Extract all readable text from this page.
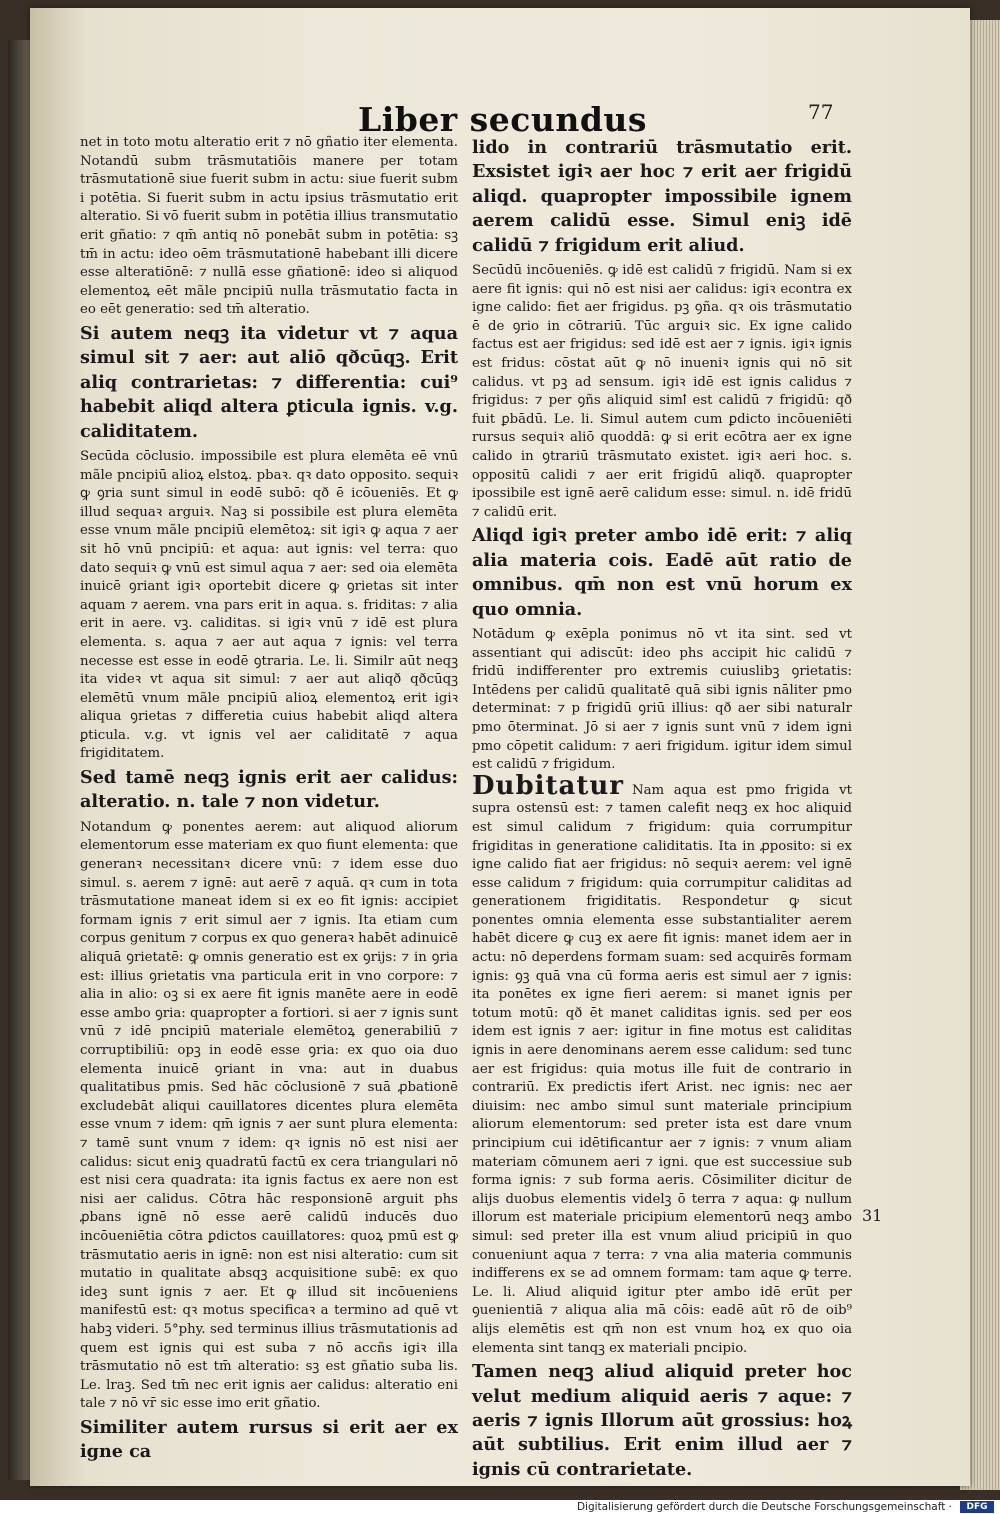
Liber secundus	77

net in toto motu alteratio erit ⁊ nō gñatio iter elementa. Notandū subm trāsmutatiōis manere per totam trāsmutationē siue fuerit subm in actu: siue fuerit subm i potētia. Si fuerit subm in actu ipsius trāsmutatio erit alteratio. Si vō fuerit subm in potētia illius transmutatio erit gñatio: ⁊ qm̄ antiq nō ponebāt subm in potētia: sꝫ tm̄ in actu: ideo oēm trāsmutationē habebant illi dicere esse alteratiōnē: ⁊ nullā esse gñationē: ideo si aliquod elementoꝝ eēt mãle pncipiū nulla trāsmutatio facta in eo eēt generatio: sed tm̄ alteratio.

Si autem neqꝫ ita videtur vt ⁊ aqua simul sit ⁊ aer: aut aliō qðcūqꝫ. Erit aliq contrarietas: ⁊ differentia: cui⁹ habebit aliqd altera ꝑticula ignis. v.g. caliditatem.

Secūda cōclusio. impossibile est plura elemēta eē vnū mãle pncipiū alioꝝ elstoꝝ. pbaꝛ. qꝛ dato opposito. sequiꝛ ꝙ ꝯria sunt simul in eodē subō: qð ē icōueniēs. Et ꝙ illud sequaꝛ arguiꝛ. Naꝫ si possibile est plura elemēta esse vnum mãle pncipiū elemētoꝝ: sit igiꝛ ꝙ aqua ⁊ aer sit hō vnū pncipiū: et aqua: aut ignis: vel terra: quo dato sequiꝛ ꝙ vnū est simul aqua ⁊ aer: sed oia elemēta inuicē ꝯriant igiꝛ oportebit dicere ꝙ ꝯrietas sit inter aquam ⁊ aerem. vna pars erit in aqua. s. friditas: ⁊ alia erit in aere. vꝫ. caliditas. si igiꝛ vnū ⁊ idē est plura elementa. s. aqua ⁊ aer aut aqua ⁊ ignis: vel terra necesse est esse in eodē ꝯtraria. Le. li. Similr aūt neqꝫ ita videꝛ vt aqua sit simul: ⁊ aer aut aliqð qðcūqꝫ elemētū vnum mãle pncipiū alioꝝ elementoꝝ erit igiꝛ aliqua ꝯrietas ⁊ differetia cuius habebit aliqd altera ꝑticula. v.g. vt ignis vel aer caliditatē ⁊ aqua frigiditatem.

Sed tamē neqꝫ ignis erit aer calidus: alteratio. n. tale ⁊ non videtur.

Notandum ꝙ ponentes aerem: aut aliquod aliorum elementorum esse materiam ex quo fiunt elementa: que generanꝛ necessitanꝛ dicere vnū: ⁊ idem esse duo simul. s. aerem ⁊ ignē: aut aerē ⁊ aquā. qꝛ cum in tota trāsmutatione maneat idem si ex eo fit ignis: accipiet formam ignis ⁊ erit simul aer ⁊ ignis. Ita etiam cum corpus genitum ⁊ corpus ex quo generaꝛ habēt adinuicē aliquā ꝯrietatē: ꝙ omnis generatio est ex ꝯrijs: ⁊ in ꝯria est: illius ꝯrietatis vna particula erit in vno corpore: ⁊ alia in alio: oꝫ si ex aere fit ignis manēte aere in eodē esse ambo ꝯria: quapropter a fortiori. si aer ⁊ ignis sunt vnū ⁊ idē pncipiū materiale elemētoꝝ generabiliū ⁊ corruptibiliū: opꝫ in eodē esse ꝯria: ex quo oia duo elementa inuicē ꝯriant in vna: aut in duabus qualitatibus pmis. Sed hāc cōclusionē ⁊ suā ꝓbationē excludebāt aliqui cauillatores dicentes plura elemēta esse vnum ⁊ idem: qm̄ ignis ⁊ aer sunt plura elementa: ⁊ tamē sunt vnum ⁊ idem: qꝛ ignis nō est nisi aer calidus: sicut eniꝫ quadratū factū ex cera triangulari nō est nisi cera quadrata: ita ignis factus ex aere non est nisi aer calidus. Cōtra hāc responsionē arguit phs ꝓbans ignē nō esse aerē calidū inducēs duo incōueniētia cōtra ꝑdictos cauillatores: quoꝝ pmū est ꝙ trāsmutatio aeris in ignē: non est nisi alteratio: cum sit mutatio in qualitate absqꝫ acquisitione subē: ex quo ideꝫ sunt ignis ⁊ aer. Et ꝙ illud sit incōueniens manifestū est: qꝛ motus specificaꝛ a termino ad quē vt habꝫ videri. 5°phy. sed terminus illius trāsmutationis ad quem est ignis qui est suba ⁊ nō accñs igiꝛ illa trāsmutatio nō est tm̄ alteratio: sꝫ est gñatio suba lis. Le. lraꝫ. Sed tm̄ nec erit ignis aer calidus: alteratio eni tale ⁊ nō vr̄ sic esse imo erit gñatio.

Similiter autem rursus si erit aer ex igne ca

lido in contrariū trāsmutatio erit. Exsistet igiꝛ aer hoc ⁊ erit aer frigidū aliqd. quapropter impossibile ignem aerem calidū esse. Simul eniꝫ idē calidū ⁊ frigidum erit aliud.

Secūdū incōueniēs. ꝙ idē est calidū ⁊ frigidū. Nam si ex aere fit ignis: qui nō est nisi aer calidus: igiꝛ econtra ex igne calido: fiet aer frigidus. pꝫ ꝯña. qꝛ ois trāsmutatio ē de ꝯrio in cōtrariū. Tūc arguiꝛ sic. Ex igne calido factus est aer frigidus: sed idē est aer ⁊ ignis. igiꝛ ignis est fridus: cōstat aūt ꝙ nō inueniꝛ ignis qui nō sit calidus. vt pꝫ ad sensum. igiꝛ idē est ignis calidus ⁊ frigidus: ⁊ per ꝯñs aliquid simꝉ est calidū ⁊ frigidū: qð fuit ꝑbādū. Le. li. Simul autem cum ꝑdicto incōueniēti rursus sequiꝛ aliō quoddā: ꝙ si erit ecōtra aer ex igne calido in ꝯtrariū trāsmutato existet. igiꝛ aeri hoc. s. oppositū calidi ⁊ aer erit frigidū aliqð. quapropter ipossibile est ignē aerē calidum esse: simul. n. idē fridū ⁊ calidū erit.

Aliqd igiꝛ preter ambo idē erit: ⁊ aliq alia materia cois. Eadē aūt ratio de omnibus. qm̄ non est vnū horum ex quo omnia.

Notādum ꝙ exēpla ponimus nō vt ita sint. sed vt assentiant qui adiscūt: ideo phs accipit hic calidū ⁊ fridū indifferenter pro extremis cuiuslibꝫ ꝯrietatis: Intēdens per calidū qualitatē quā sibi ignis nāliter pmo determinat: ⁊ p frigidū ꝯriū illius: qð aer sibi naturalr pmo ōterminat. Jō si aer ⁊ ignis sunt vnū ⁊ idem igni pmo cōpetit calidum: ⁊ aeri frigidum. igitur idem simul est calidū ⁊ frigidum.

Dubitatur Nam aqua est pmo frigida vt supra ostensū est: ⁊ tamen calefit neqꝫ ex hoc aliquid est simul calidum ⁊ frigidum: quia corrumpitur frigiditas in generatione caliditatis. Ita in ꝓposito: si ex igne calido fiat aer frigidus: nō sequiꝛ aerem: vel ignē esse calidum ⁊ frigidum: quia corrumpitur caliditas ad generationem frigiditatis. Respondetur ꝙ sicut ponentes omnia elementa esse substantialiter aerem habēt dicere ꝙ cuꝫ ex aere fit ignis: manet idem aer in actu: nō deperdens formam suam: sed acquirēs formam ignis: ꝯꝫ quā vna cū forma aeris est simul aer ⁊ ignis: ita ponētes ex igne fieri aerem: si manet ignis per totum motū: qð ēt manet caliditas ignis. sed per eos idem est ignis ⁊ aer: igitur in fine motus est caliditas ignis in aere denominans aerem esse calidum: sed tunc aer est frigidus: quia motus ille fuit de contrario in contrariū. Ex predictis ifert Arist. nec ignis: nec aer diuisim: nec ambo simul sunt materiale principium aliorum elementorum: sed preter ista est dare vnum principium cui idētificantur aer ⁊ ignis: ⁊ vnum aliam materiam cōmunem aeri ⁊ igni. que est successiue sub forma ignis: ⁊ sub forma aeris. Cōsimiliter dicitur de alijs duobus elementis videlꝫ ō terra ⁊ aqua: ꝙ nullum illorum est materiale pricipium elementorū neqꝫ ambo simul: sed preter illa est vnum aliud pricipiū in quo conueniunt aqua ⁊ terra: ⁊ vna alia materia communis indifferens ex se ad omnem formam: tam aque ꝙ terre. Le. li. Aliud aliquid igitur pter ambo idē erūt per ꝯuenientiā ⁊ aliqua alia mā cōis: eadē aūt rō de oib⁹ alijs elemētis est qm̄ non est vnum hoꝝ ex quo oia elementa sint tanqꝫ ex materiali pncipio.

Tamen neqꝫ aliud aliquid preter hoc velut medium aliquid aeris ⁊ aque: ⁊ aeris ⁊ ignis Illorum aūt grossius: hoꝝ aūt subtilius. Erit enim illud aer ⁊ ignis cū contrarietate.

31
Digitalisierung gefördert durch die Deutsche Forschungsgemeinschaft ·	DFG
